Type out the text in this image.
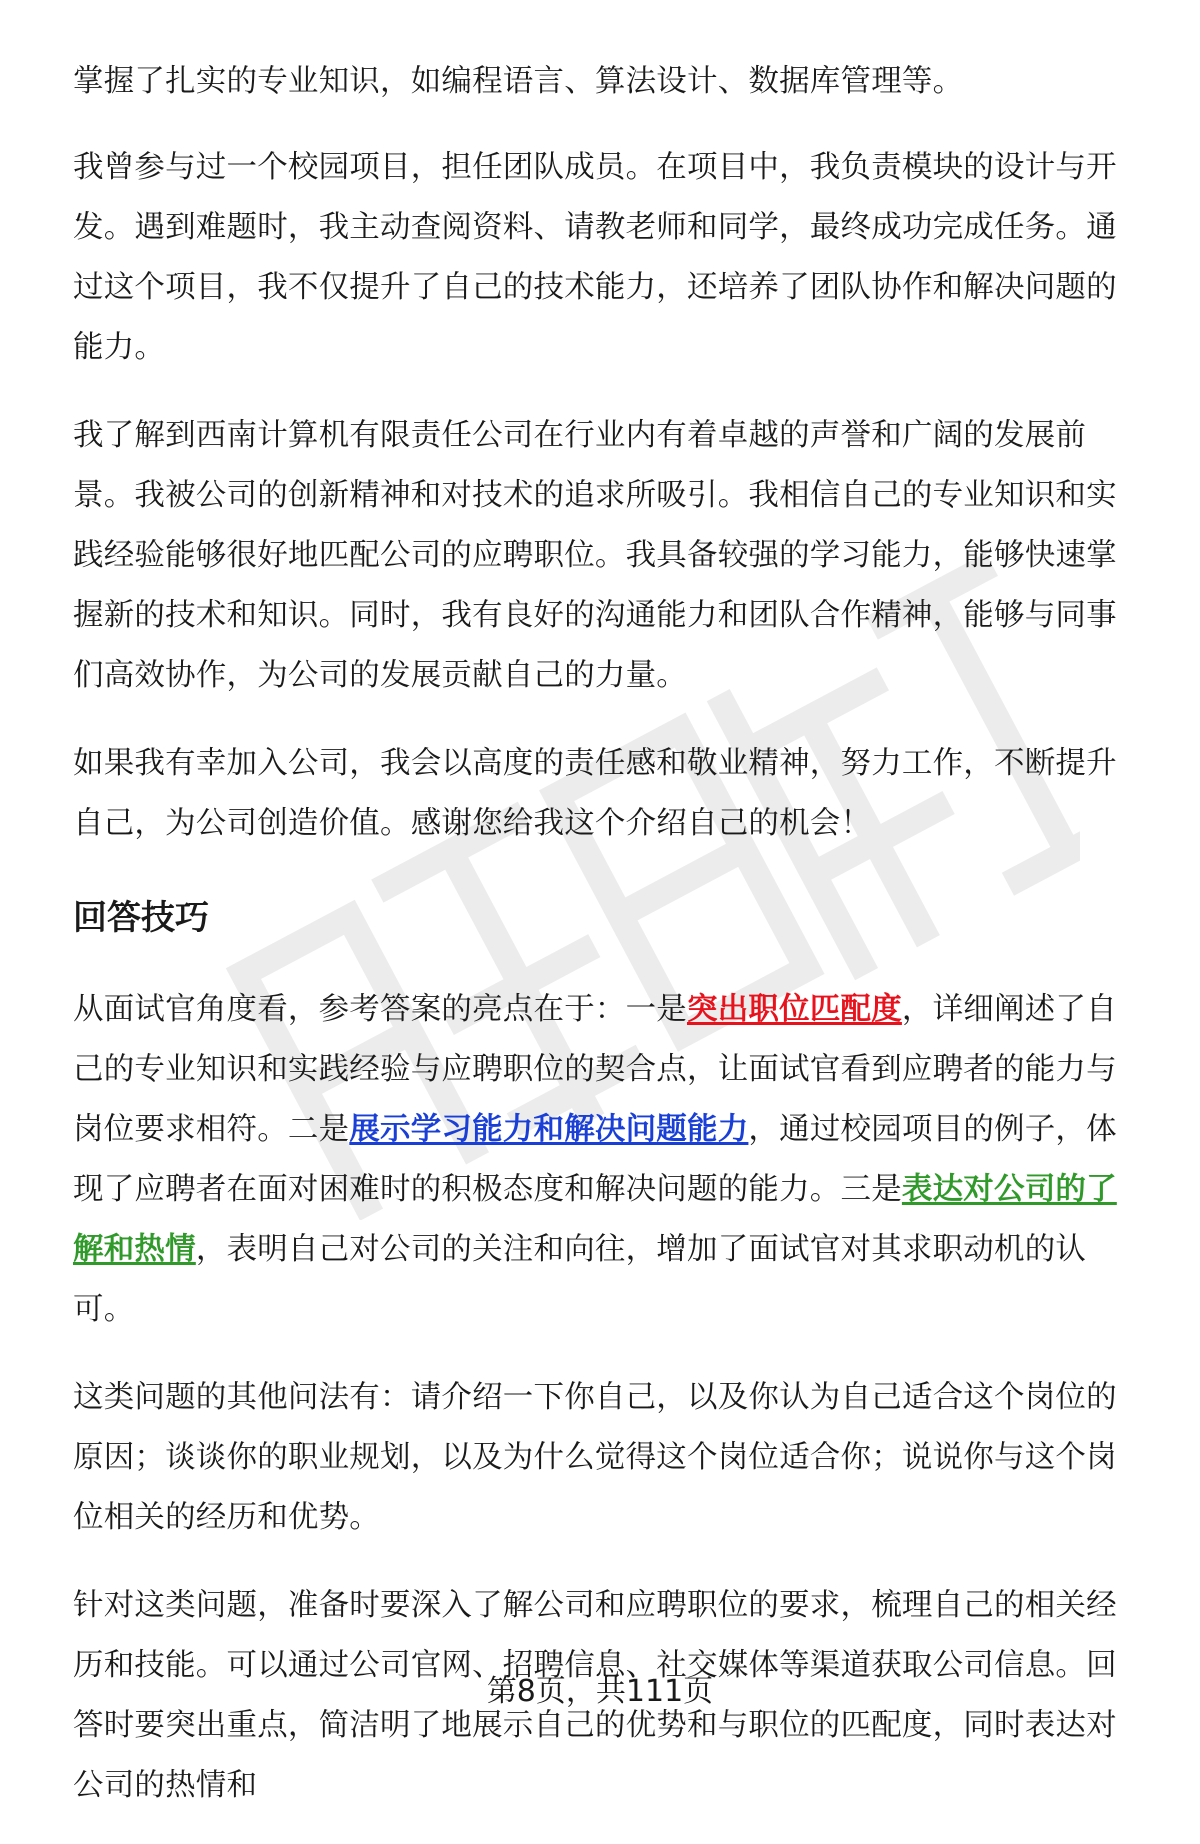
掌握了扎实的专业知识，如编程语言、算法设计、数据库管理等。

我曾参与过一个校园项目，担任团队成员。在项目中，我负责模块的设计与开发。遇到难题时，我主动查阅资料、请教老师和同学，最终成功完成任务。通过这个项目，我不仅提升了自己的技术能力，还培养了团队协作和解决问题的能力。

我了解到西南计算机有限责任公司在行业内有着卓越的声誉和广阔的发展前景。我被公司的创新精神和对技术的追求所吸引。我相信自己的专业知识和实践经验能够很好地匹配公司的应聘职位。我具备较强的学习能力，能够快速掌握新的技术和知识。同时，我有良好的沟通能力和团队合作精神，能够与同事们高效协作，为公司的发展贡献自己的力量。

如果我有幸加入公司，我会以高度的责任感和敬业精神，努力工作，不断提升自己，为公司创造价值。感谢您给我这个介绍自己的机会！

回答技巧

从面试官角度看，参考答案的亮点在于：一是突出职位匹配度，详细阐述了自己的专业知识和实践经验与应聘职位的契合点，让面试官看到应聘者的能力与岗位要求相符。二是展示学习能力和解决问题能力，通过校园项目的例子，体现了应聘者在面对困难时的积极态度和解决问题的能力。三是表达对公司的了解和热情，表明自己对公司的关注和向往，增加了面试官对其求职动机的认可。

这类问题的其他问法有：请介绍一下你自己，以及你认为自己适合这个岗位的原因；谈谈你的职业规划，以及为什么觉得这个岗位适合你；说说你与这个岗位相关的经历和优势。

针对这类问题，准备时要深入了解公司和应聘职位的要求，梳理自己的相关经历和技能。可以通过公司官网、招聘信息、社交媒体等渠道获取公司信息。回答时要突出重点，简洁明了地展示自己的优势和与职位的匹配度，同时表达对公司的热情和

第8页，共111页
